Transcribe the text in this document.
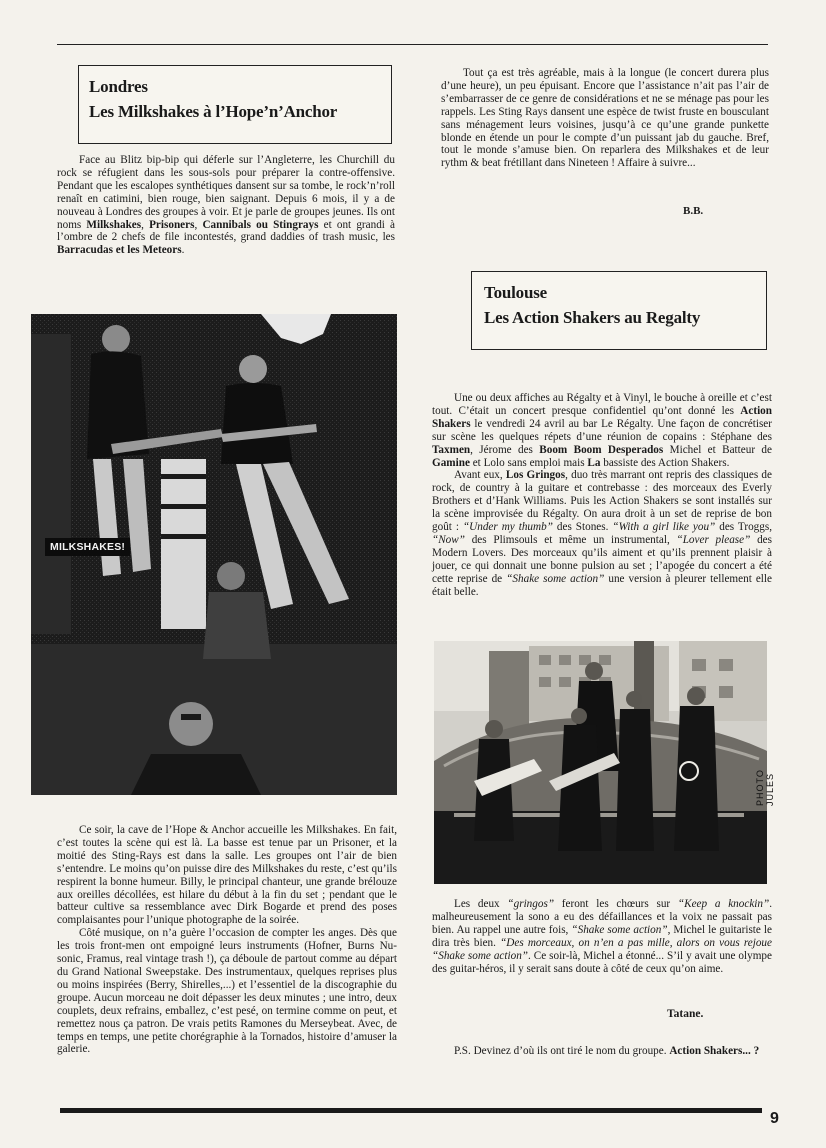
Londres
Les Milkshakes à l’Hope’n’Anchor

Face au Blitz bip-bip qui déferle sur l’Angleterre, les Churchill du rock se réfugient dans les sous-sols pour préparer la contre-offensive. Pendant que les escalopes synthétiques dansent sur sa tombe, le rock’n’roll renaît en catimini, bien rouge, bien saignant. Depuis 6 mois, il y a de nouveau à Londres des groupes à voir. Et je parle de groupes jeunes. Ils ont noms Milkshakes, Prisoners, Cannibals ou Stingrays et ont grandi à l’ombre de 2 chefs de file incontestés, grand daddies of trash music, les Barracudas et les Meteors.

MILKSHAKES!

Ce soir, la cave de l’Hope & Anchor accueille les Milkshakes. En fait, c’est toutes la scène qui est là. La basse est tenue par un Prisoner, et la moitié des Sting-Rays est dans la salle. Les groupes ont l’air de bien s’entendre. Le moins qu’on puisse dire des Milkshakes du reste, c’est qu’ils respirent la bonne humeur. Billy, le principal chanteur, une grande brélouze aux oreilles décollées, est hilare du début à la fin du set ; pendant que le batteur cultive sa ressemblance avec Dirk Bogarde et prend des poses complaisantes pour l’unique photographe de la soirée.

Côté musique, on n’a guère l’occasion de compter les anges. Dès que les trois front-men ont empoigné leurs instruments (Hofner, Burns Nu-sonic, Framus, real vintage trash !), ça déboule de partout comme au départ du Grand National Sweepstake. Des instrumentaux, quelques reprises plus ou moins inspirées (Berry, Shirelles,...) et l’essentiel de la discographie du groupe. Aucun morceau ne doit dépasser les deux minutes ; une intro, deux couplets, deux refrains, emballez, c’est pesé, on termine comme on peut, et remettez nous ça patron. De vrais petits Ramones du Merseybeat. Avec, de temps en temps, une petite chorégraphie à la Tornados, histoire d’amuser la galerie.

Tout ça est très agréable, mais à la longue (le concert durera plus d’une heure), un peu épuisant. Encore que l’assistance n’ait pas l’air de s’embarrasser de ce genre de considérations et ne se ménage pas pour les rappels. Les Sting Rays dansent une espèce de twist fruste en bousculant sans ménagement leurs voisines, jusqu’à ce qu’une grande punkette blonde en étende un pour le compte d’un puissant jab du gauche. Bref, tout le monde s’amuse bien. On reparlera des Milkshakes et de leur rythm & beat frétillant dans Nineteen ! Affaire à suivre...

B.B.
Toulouse
Les Action Shakers au Regalty

Une ou deux affiches au Régalty et à Vinyl, le bouche à oreille et c’est tout. C’était un concert presque confidentiel qu’ont donné les Action Shakers le vendredi 24 avril au bar Le Régalty. Une façon de concrétiser sur scène les quelques répets d’une réunion de copains : Stéphane des Taxmen, Jérome des Boom Boom Desperados Michel et Batteur de Gamine et Lolo sans emploi mais La bassiste des Action Shakers.

Avant eux, Los Gringos, duo très marrant ont repris des classiques de rock, de country à la guitare et contrebasse : des morceaux des Everly Brothers et d’Hank Williams. Puis les Action Shakers se sont installés sur la scène improvisée du Régalty. On aura droit à un set de reprise de bon goût : “Under my thumb” des Stones. “With a girl like you” des Troggs, “Now” des Plimsouls et même un instrumental, “Lover please” des Modern Lovers. Des morceaux qu’ils aiment et qu’ils prennent plaisir à jouer, ce qui donnait une bonne pulsion au set ; l’apogée du concert a été cette reprise de “Shake some action” une version à pleurer tellement elle était belle.

PHOTO JULES

Les deux “gringos” feront les chœurs sur “Keep a knockin”. malheureusement la sono a eu des défaillances et la voix ne passait pas bien. Au rappel une autre fois, “Shake some action”, Michel le guitariste le dira très bien. “Des morceaux, on n’en a pas mille, alors on vous rejoue “Shake some action”. Ce soir-là, Michel a étonné... S’il y avait une olympe des guitar-héros, il y serait sans doute à côté de ceux qu’on aime.

Tatane.

P.S. Devinez d’où ils ont tiré le nom du groupe. Action Shakers... ?

9
